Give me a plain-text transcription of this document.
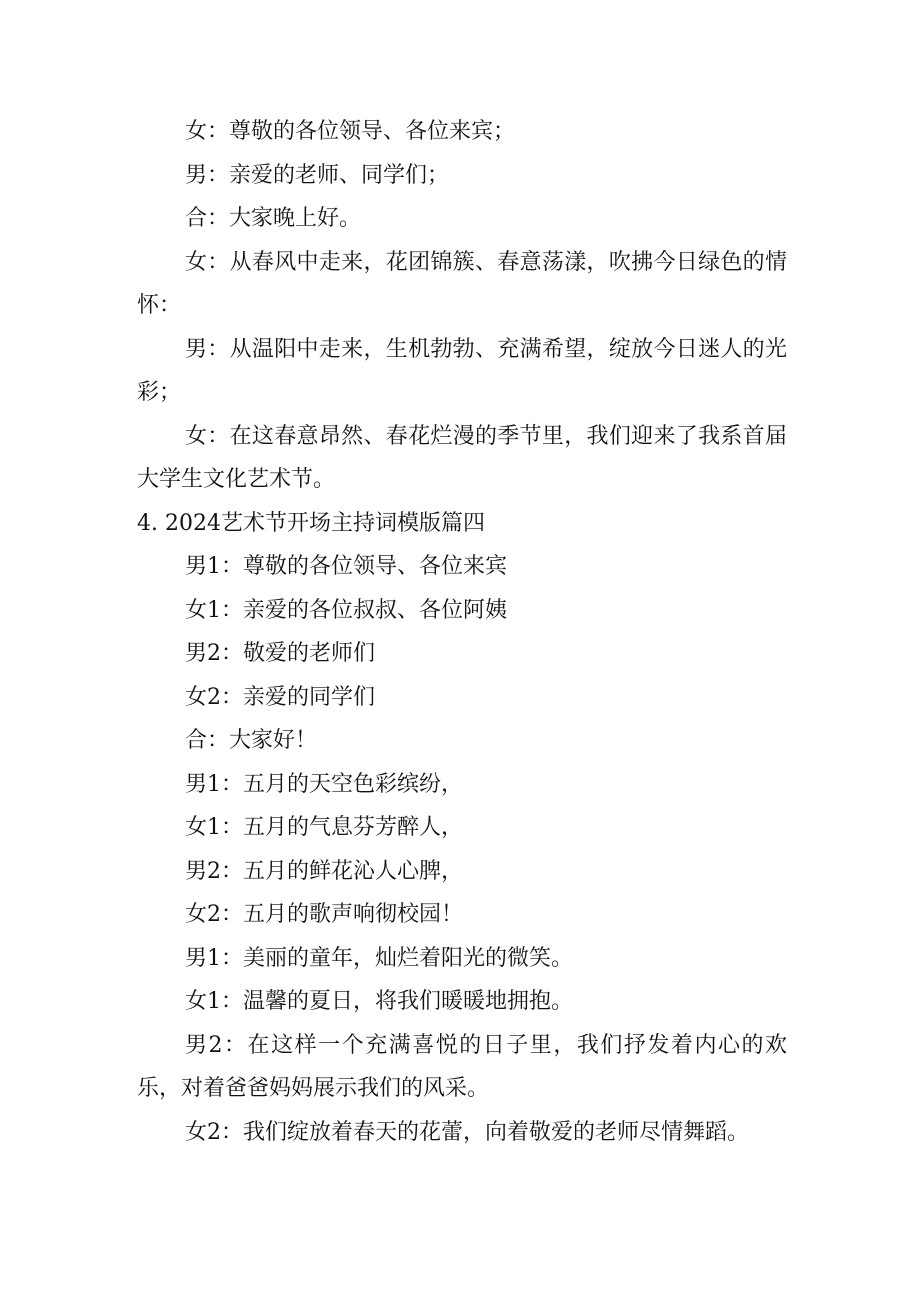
女：尊敬的各位领导、各位来宾；

男：亲爱的老师、同学们；

合：大家晚上好。

女：从春风中走来，花团锦簇、春意荡漾，吹拂今日绿色的情怀：

男：从温阳中走来，生机勃勃、充满希望，绽放今日迷人的光彩；

女：在这春意昂然、春花烂漫的季节里，我们迎来了我系首届大学生文化艺术节。

4. 2024艺术节开场主持词模版篇四

男1：尊敬的各位领导、各位来宾

女1：亲爱的各位叔叔、各位阿姨

男2：敬爱的老师们

女2：亲爱的同学们

合：大家好！

男1：五月的天空色彩缤纷，

女1：五月的气息芬芳醉人，

男2：五月的鲜花沁人心脾，

女2：五月的歌声响彻校园！

男1：美丽的童年，灿烂着阳光的微笑。

女1：温馨的夏日，将我们暖暖地拥抱。

男2：在这样一个充满喜悦的日子里，我们抒发着内心的欢乐，对着爸爸妈妈展示我们的风采。

女2：我们绽放着春天的花蕾，向着敬爱的老师尽情舞蹈。
